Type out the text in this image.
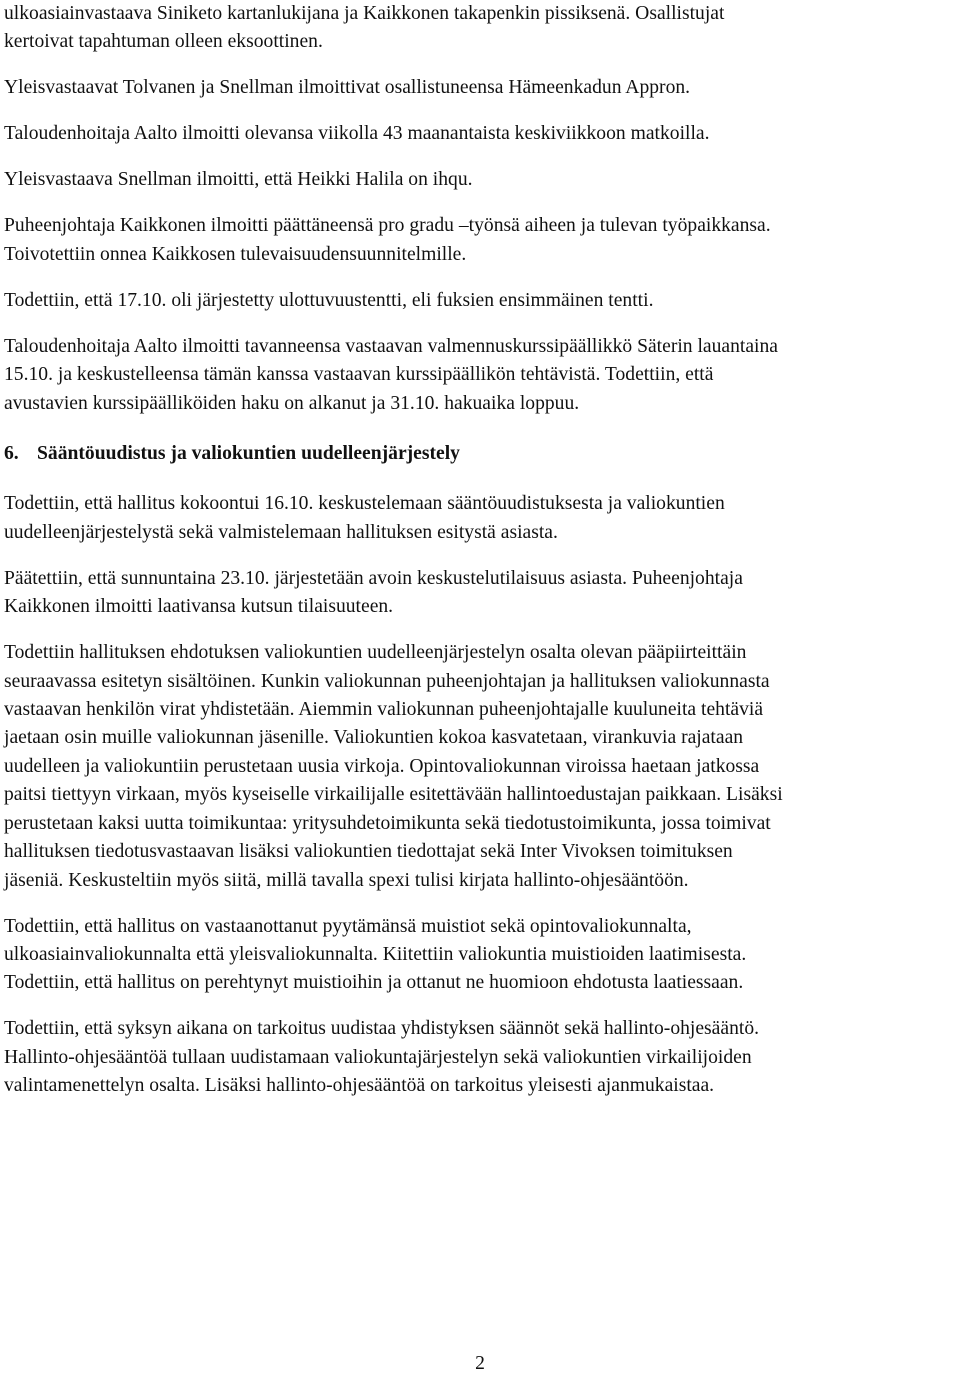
ulkoasiainvastaava Siniketo kartanlukijana ja Kaikkonen takapenkin pissiksenä. Osallistujat
kertoivat tapahtuman olleen eksoottinen.
Yleisvastaavat Tolvanen ja Snellman ilmoittivat osallistuneensa Hämeenkadun Appron.
Taloudenhoitaja Aalto ilmoitti olevansa viikolla 43 maanantaista keskiviikkoon matkoilla.
Yleisvastaava Snellman ilmoitti, että Heikki Halila on ihqu.
Puheenjohtaja Kaikkonen ilmoitti päättäneensä pro gradu –työnsä aiheen ja tulevan työpaikkansa.
Toivotettiin onnea Kaikkosen tulevaisuudensuunnitelmille.
Todettiin, että 17.10. oli järjestetty ulottuvuustentti, eli fuksien ensimmäinen tentti.
Taloudenhoitaja Aalto ilmoitti tavanneensa vastaavan valmennuskurssipäällikkö Säterin lauantaina
15.10. ja keskustelleensa tämän kanssa vastaavan kurssipäällikön tehtävistä. Todettiin, että
avustavien kurssipäälliköiden haku on alkanut ja 31.10. hakuaika loppuu.
6. Sääntöuudistus ja valiokuntien uudelleenjärjestely
Todettiin, että hallitus kokoontui 16.10. keskustelemaan sääntöuudistuksesta ja valiokuntien
uudelleenjärjestelystä sekä valmistelemaan hallituksen esitystä asiasta.
Päätettiin, että sunnuntaina 23.10. järjestetään avoin keskustelutilaisuus asiasta. Puheenjohtaja
Kaikkonen ilmoitti laativansa kutsun tilaisuuteen.
Todettiin hallituksen ehdotuksen valiokuntien uudelleenjärjestelyn osalta olevan pääpiirteittäin
seuraavassa esitetyn sisältöinen. Kunkin valiokunnan puheenjohtajan ja hallituksen valiokunnasta
vastaavan henkilön virat yhdistetään. Aiemmin valiokunnan puheenjohtajalle kuuluneita tehtäviä
jaetaan osin muille valiokunnan jäsenille. Valiokuntien kokoa kasvatetaan, virankuvia rajataan
uudelleen ja valiokuntiin perustetaan uusia virkoja. Opintovaliokunnan viroissa haetaan jatkossa
paitsi tiettyyn virkaan, myös kyseiselle virkailijalle esitettävään hallintoedustajan paikkaan. Lisäksi
perustetaan kaksi uutta toimikuntaa: yritysuhdetoimikunta sekä tiedotustoimikunta, jossa toimivat
hallituksen tiedotusvastaavan lisäksi valiokuntien tiedottajat sekä Inter Vivoksen toimituksen
jäseniä. Keskusteltiin myös siitä, millä tavalla spexi tulisi kirjata hallinto-ohjesääntöön.
Todettiin, että hallitus on vastaanottanut pyytämänsä muistiot sekä opintovaliokunnalta,
ulkoasiainvaliokunnalta että yleisvaliokunnalta. Kiitettiin valiokuntia muistioiden laatimisesta.
Todettiin, että hallitus on perehtynyt muistioihin ja ottanut ne huomioon ehdotusta laatiessaan.
Todettiin, että syksyn aikana on tarkoitus uudistaa yhdistyksen säännöt sekä hallinto-ohjesääntö.
Hallinto-ohjesääntöä tullaan uudistamaan valiokuntajärjestelyn sekä valiokuntien virkailijoiden
valintamenettelyn osalta. Lisäksi hallinto-ohjesääntöä on tarkoitus yleisesti ajanmukaistaa.
2
